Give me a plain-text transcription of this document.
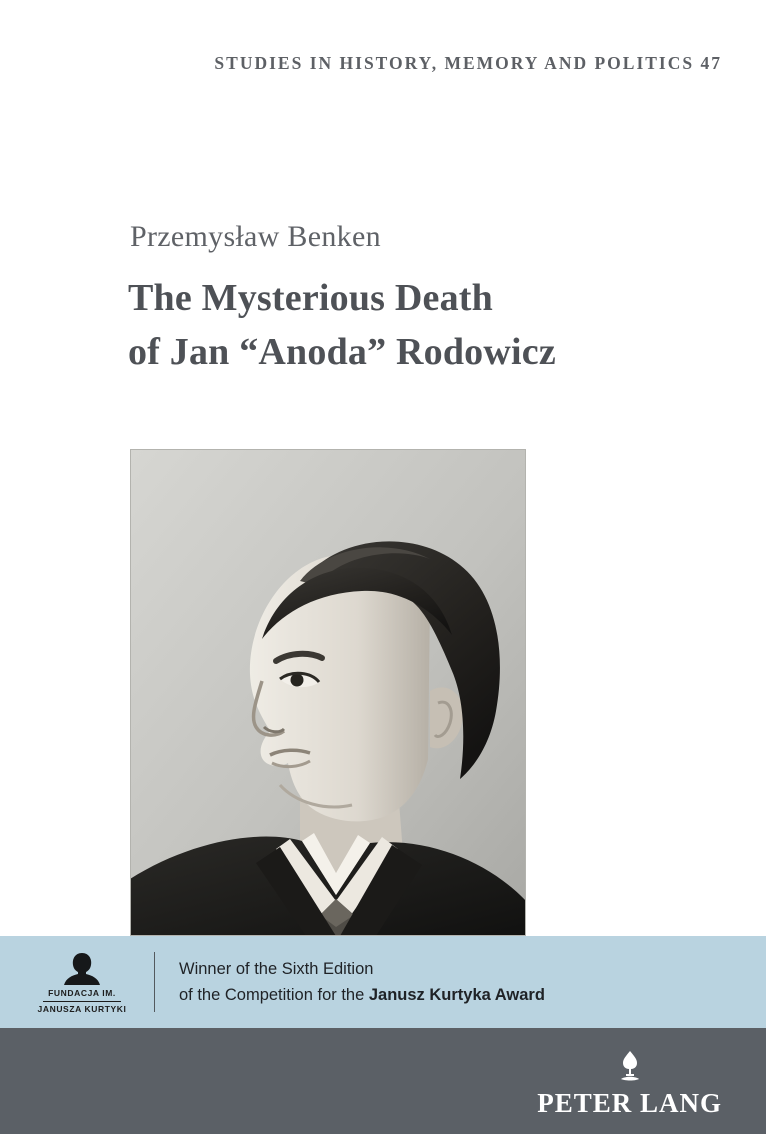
STUDIES IN HISTORY, MEMORY AND POLITICS 47
Przemysław Benken
The Mysterious Death
of Jan “Anoda” Rodowicz
FUNDACJA IM.
JANUSZA KURTYKI
Winner of the Sixth Edition
of the Competition for the Janusz Kurtyka Award
PETER LANG
